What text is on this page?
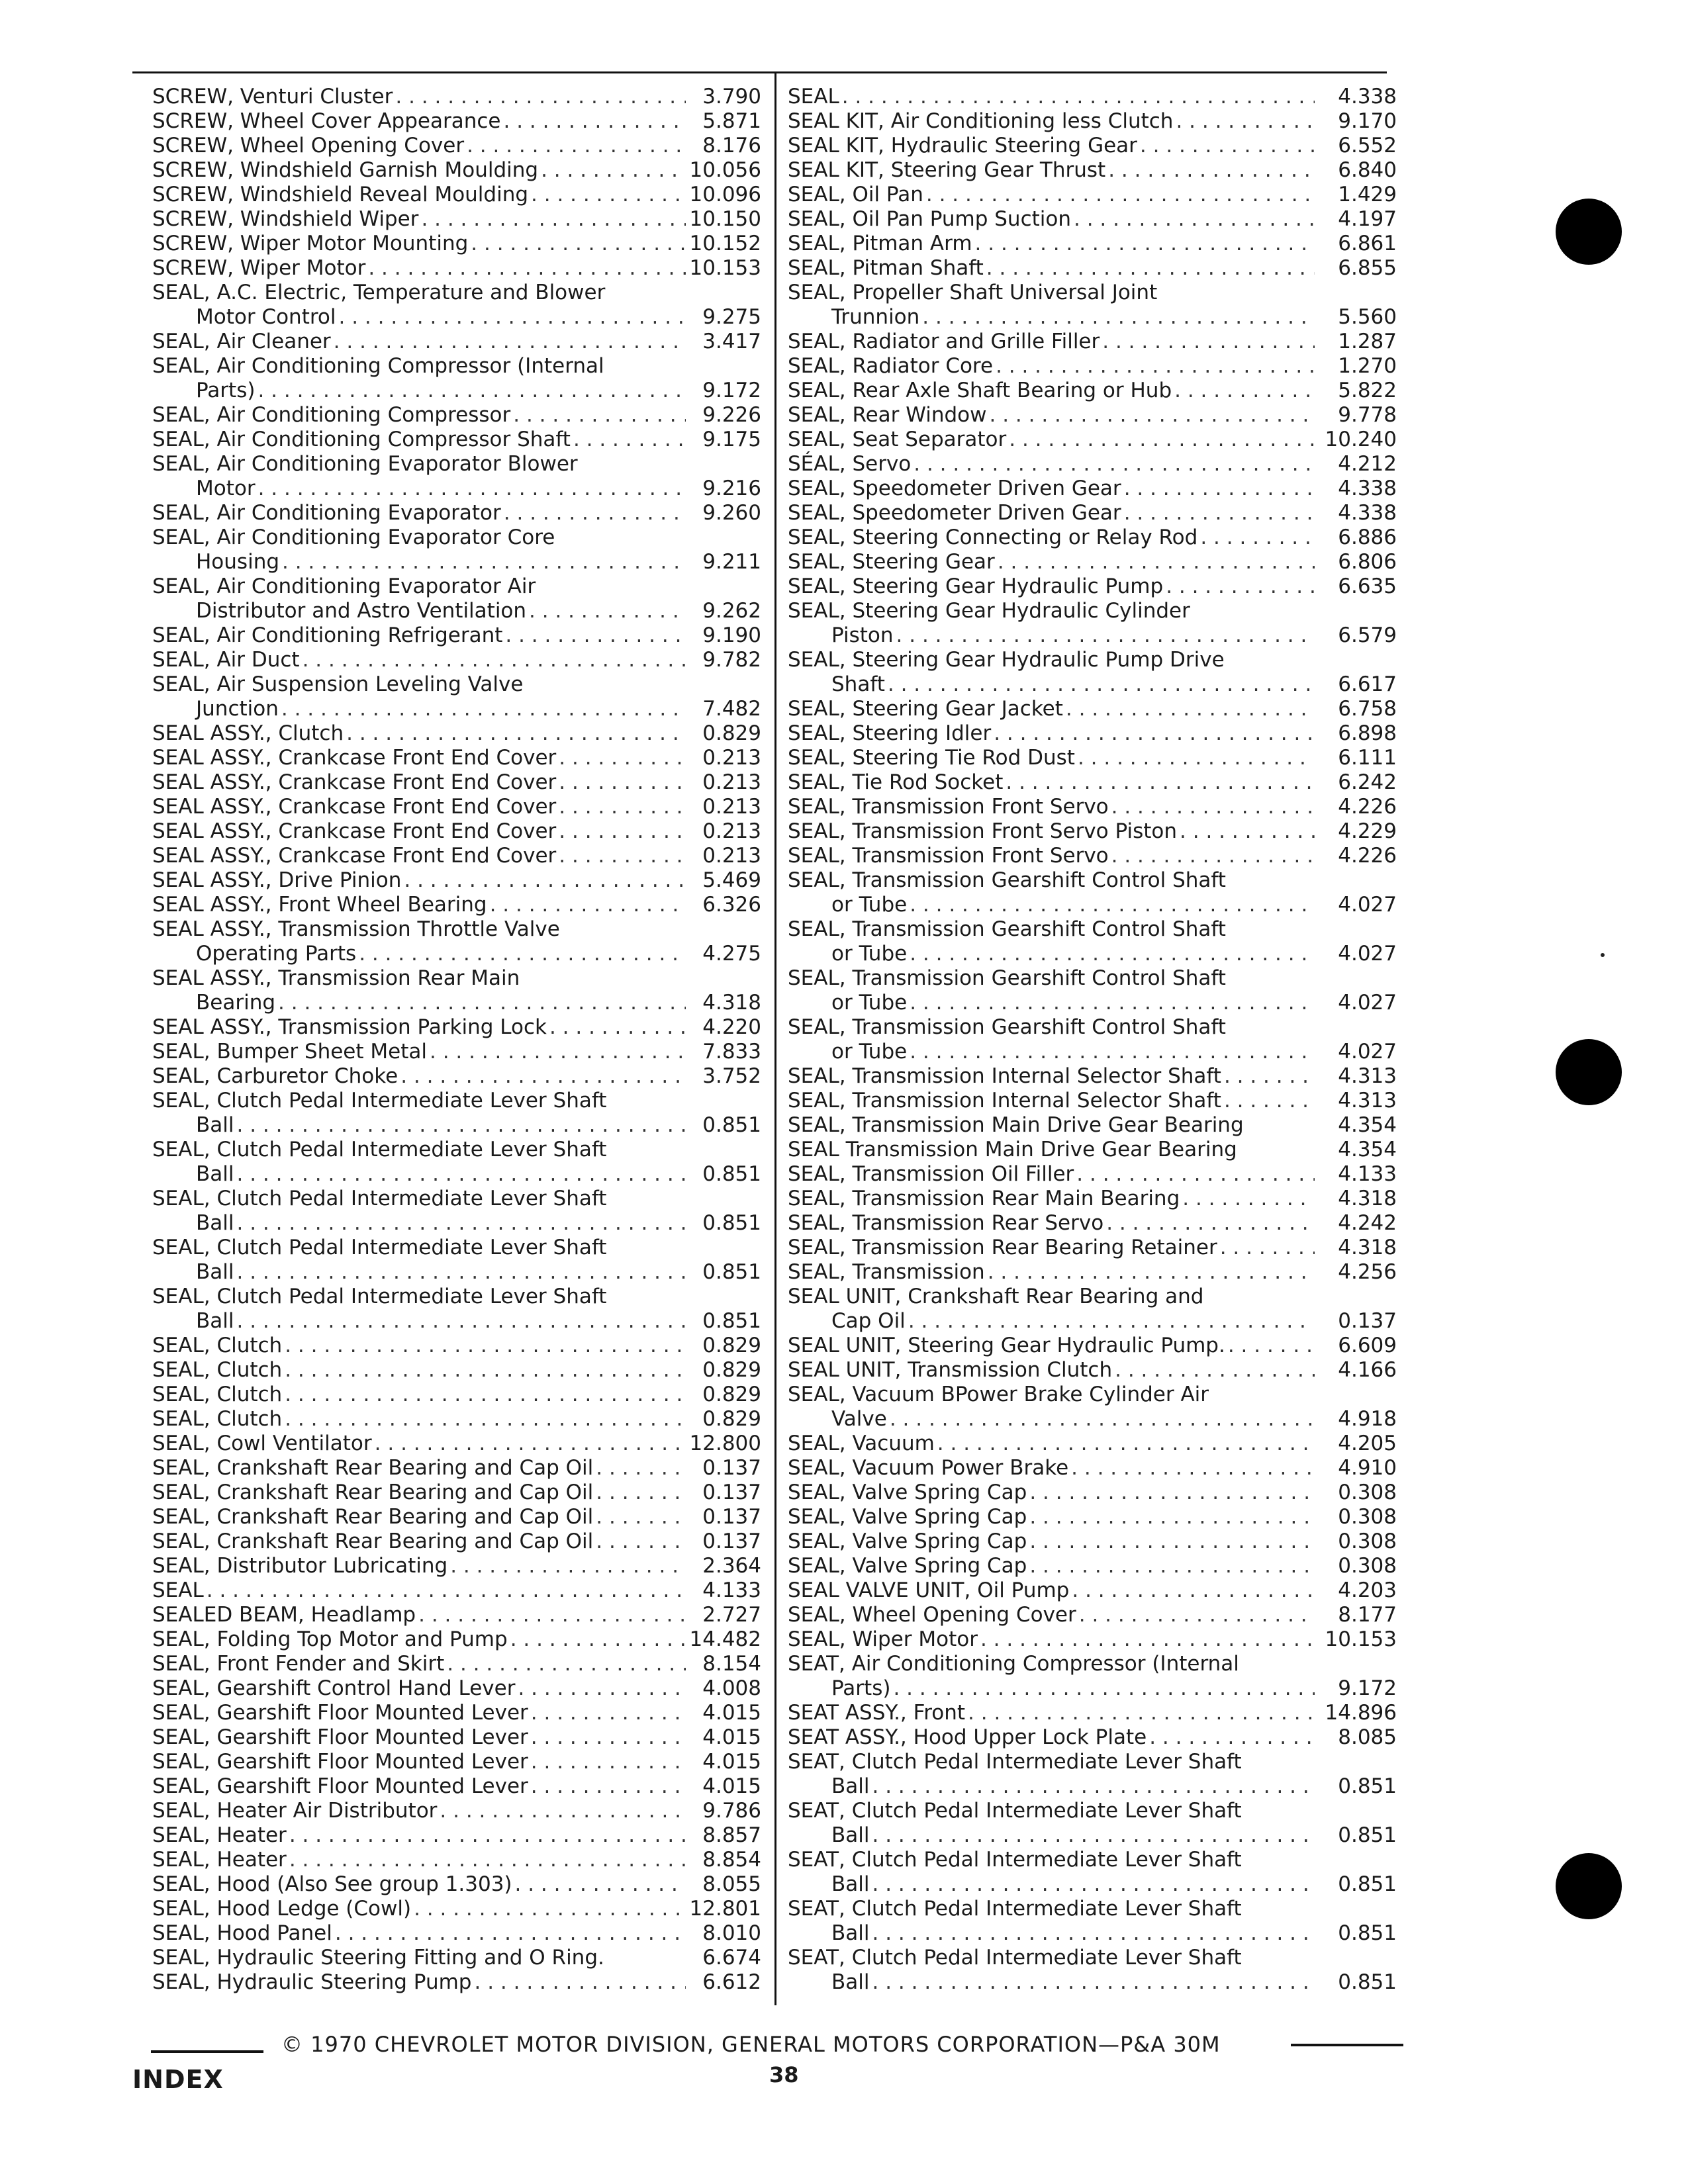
SCREW, Venturi Cluster . . .	3.790
SCREW, Wheel Cover Appearance . . .	5.871
SCREW, Wheel Opening Cover . . .	8.176
SCREW, Windshield Garnish Moulding . . .	10.056
SCREW, Windshield Reveal Moulding . . .	10.096
SCREW, Windshield Wiper . . .	10.150
SCREW, Wiper Motor Mounting . . .	10.152
SCREW, Wiper Motor . . .	10.153
SEAL, A.C. Electric, Temperature and Blower
Motor Control . . .	9.275
SEAL, Air Cleaner . . .	3.417
SEAL, Air Conditioning Compressor (Internal
Parts) . . .	9.172
SEAL, Air Conditioning Compressor . . .	9.226
SEAL, Air Conditioning Compressor Shaft . . .	9.175
SEAL, Air Conditioning Evaporator Blower
Motor . . .	9.216
SEAL, Air Conditioning Evaporator . . .	9.260
SEAL, Air Conditioning Evaporator Core
Housing . . .	9.211
SEAL, Air Conditioning Evaporator Air
Distributor and Astro Ventilation . . .	9.262
SEAL, Air Conditioning Refrigerant . . .	9.190
SEAL, Air Duct . . .	9.782
SEAL, Air Suspension Leveling Valve
Junction . . .	7.482
SEAL ASSY., Clutch . . .	0.829
SEAL ASSY., Crankcase Front End Cover . . .	0.213
SEAL ASSY., Crankcase Front End Cover . . .	0.213
SEAL ASSY., Crankcase Front End Cover . . .	0.213
SEAL ASSY., Crankcase Front End Cover . . .	0.213
SEAL ASSY., Crankcase Front End Cover . . .	0.213
SEAL ASSY., Drive Pinion . . .	5.469
SEAL ASSY., Front Wheel Bearing . . .	6.326
SEAL ASSY., Transmission Throttle Valve
Operating Parts . . .	4.275
SEAL ASSY., Transmission Rear Main
Bearing . . .	4.318
SEAL ASSY., Transmission Parking Lock . . .	4.220
SEAL, Bumper Sheet Metal . . .	7.833
SEAL, Carburetor Choke . . .	3.752
SEAL, Clutch Pedal Intermediate Lever Shaft
Ball . . .	0.851
SEAL, Clutch Pedal Intermediate Lever Shaft
Ball . . .	0.851
SEAL, Clutch Pedal Intermediate Lever Shaft
Ball . . .	0.851
SEAL, Clutch Pedal Intermediate Lever Shaft
Ball . . .	0.851
SEAL, Clutch Pedal Intermediate Lever Shaft
Ball . . .	0.851
SEAL, Clutch . . .	0.829
SEAL, Clutch . . .	0.829
SEAL, Clutch . . .	0.829
SEAL, Clutch . . .	0.829
SEAL, Cowl Ventilator . . .	12.800
SEAL, Crankshaft Rear Bearing and Cap Oil . . .	0.137
SEAL, Crankshaft Rear Bearing and Cap Oil . . .	0.137
SEAL, Crankshaft Rear Bearing and Cap Oil . . .	0.137
SEAL, Crankshaft Rear Bearing and Cap Oil . . .	0.137
SEAL, Distributor Lubricating . . .	2.364
SEAL . . .	4.133
SEALED BEAM, Headlamp . . .	2.727
SEAL, Folding Top Motor and Pump . . .	14.482
SEAL, Front Fender and Skirt . . .	8.154
SEAL, Gearshift Control Hand Lever . . .	4.008
SEAL, Gearshift Floor Mounted Lever . . .	4.015
SEAL, Gearshift Floor Mounted Lever . . .	4.015
SEAL, Gearshift Floor Mounted Lever . . .	4.015
SEAL, Gearshift Floor Mounted Lever . . .	4.015
SEAL, Heater Air Distributor . . .	9.786
SEAL, Heater . . .	8.857
SEAL, Heater . . .	8.854
SEAL, Hood (Also See group 1.303) . . .	8.055
SEAL, Hood Ledge (Cowl) . . .	12.801
SEAL, Hood Panel . . .	8.010
SEAL, Hydraulic Steering Fitting and O Ring.	6.674
SEAL, Hydraulic Steering Pump . . .	6.612
SEAL . . .	4.338
SEAL KIT, Air Conditioning less Clutch . . .	9.170
SEAL KIT, Hydraulic Steering Gear . . .	6.552
SEAL KIT, Steering Gear Thrust . . .	6.840
SEAL, Oil Pan . . .	1.429
SEAL, Oil Pan Pump Suction . . .	4.197
SEAL, Pitman Arm . . .	6.861
SEAL, Pitman Shaft . . .	6.855
SEAL, Propeller Shaft Universal Joint
Trunnion . . .	5.560
SEAL, Radiator and Grille Filler . . .	1.287
SEAL, Radiator Core . . .	1.270
SEAL, Rear Axle Shaft Bearing or Hub . . .	5.822
SEAL, Rear Window . . .	9.778
SEAL, Seat Separator . . .	10.240
SÉAL, Servo . . .	4.212
SEAL, Speedometer Driven Gear . . .	4.338
SEAL, Speedometer Driven Gear . . .	4.338
SEAL, Steering Connecting or Relay Rod . . .	6.886
SEAL, Steering Gear . . .	6.806
SEAL, Steering Gear Hydraulic Pump . . .	6.635
SEAL, Steering Gear Hydraulic Cylinder
Piston . . .	6.579
SEAL, Steering Gear Hydraulic Pump Drive
Shaft . . .	6.617
SEAL, Steering Gear Jacket . . .	6.758
SEAL, Steering Idler . . .	6.898
SEAL, Steering Tie Rod Dust . . .	6.111
SEAL, Tie Rod Socket . . .	6.242
SEAL, Transmission Front Servo . . .	4.226
SEAL, Transmission Front Servo Piston . . .	4.229
SEAL, Transmission Front Servo . . .	4.226
SEAL, Transmission Gearshift Control Shaft
or Tube . . .	4.027
SEAL, Transmission Gearshift Control Shaft
or Tube . . .	4.027
SEAL, Transmission Gearshift Control Shaft
or Tube . . .	4.027
SEAL, Transmission Gearshift Control Shaft
or Tube . . .	4.027
SEAL, Transmission Internal Selector Shaft . . .	4.313
SEAL, Transmission Internal Selector Shaft . . .	4.313
SEAL, Transmission Main Drive Gear Bearing	4.354
SEAL Transmission Main Drive Gear Bearing	4.354
SEAL, Transmission Oil Filler . . .	4.133
SEAL, Transmission Rear Main Bearing . . .	4.318
SEAL, Transmission Rear Servo . . .	4.242
SEAL, Transmission Rear Bearing Retainer . . .	4.318
SEAL, Transmission . . .	4.256
SEAL UNIT, Crankshaft Rear Bearing and
Cap Oil . . .	0.137
SEAL UNIT, Steering Gear Hydraulic Pump. . . .	6.609
SEAL UNIT, Transmission Clutch . . .	4.166
SEAL, Vacuum BPower Brake Cylinder Air
Valve . . .	4.918
SEAL, Vacuum . . .	4.205
SEAL, Vacuum Power Brake . . .	4.910
SEAL, Valve Spring Cap . . .	0.308
SEAL, Valve Spring Cap . . .	0.308
SEAL, Valve Spring Cap . . .	0.308
SEAL, Valve Spring Cap . . .	0.308
SEAL VALVE UNIT, Oil Pump . . .	4.203
SEAL, Wheel Opening Cover . . .	8.177
SEAL, Wiper Motor . . .	10.153
SEAT, Air Conditioning Compressor (Internal
Parts) . . .	9.172
SEAT ASSY., Front . . .	14.896
SEAT ASSY., Hood Upper Lock Plate . . .	8.085
SEAT, Clutch Pedal Intermediate Lever Shaft
Ball . . .	0.851
SEAT, Clutch Pedal Intermediate Lever Shaft
Ball . . .	0.851
SEAT, Clutch Pedal Intermediate Lever Shaft
Ball . . .	0.851
SEAT, Clutch Pedal Intermediate Lever Shaft
Ball . . .	0.851
SEAT, Clutch Pedal Intermediate Lever Shaft
Ball . . .	0.851
© 1970 CHEVROLET MOTOR DIVISION, GENERAL MOTORS CORPORATION—P&A 30M
INDEX	38
